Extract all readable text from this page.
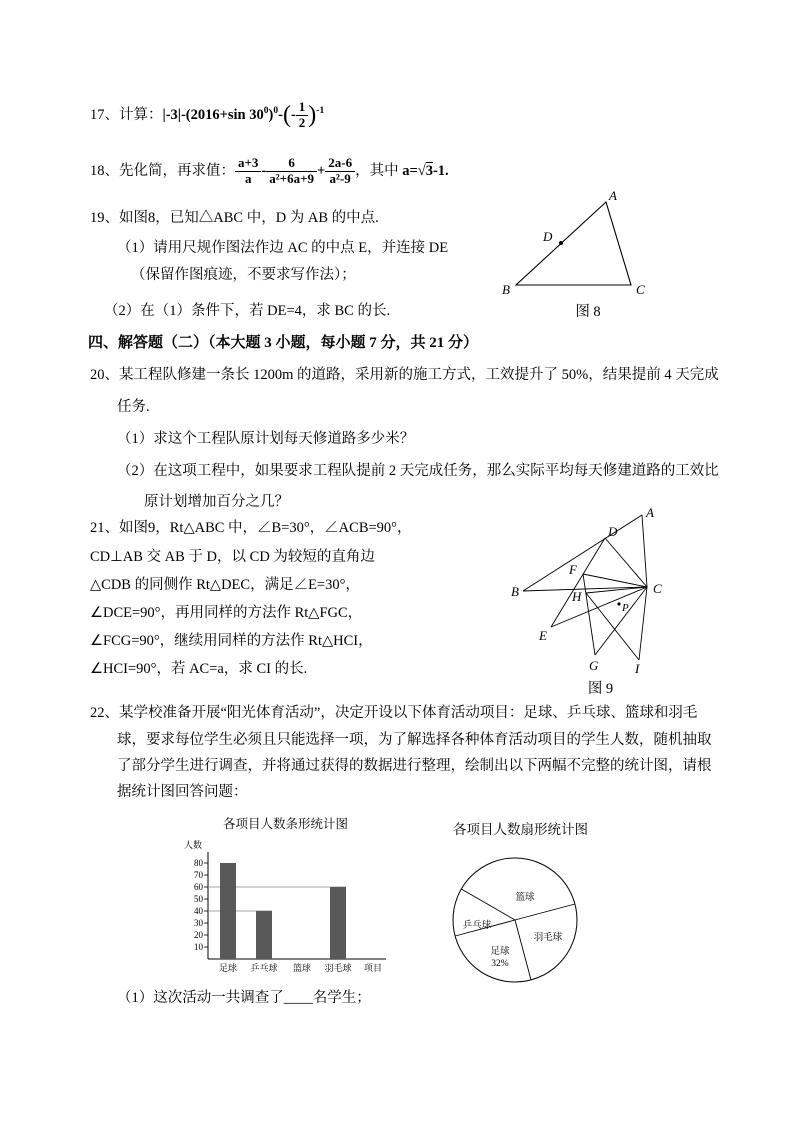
17、计算：|-3|-(2016+sin $30^0)^0-(- \frac{1}{2} )^{-1}$
18、先化简，再求值： $\frac{a+3}{a} - \frac{6}{\text{a²+6a+9}} + \frac{2a-6}{\text{a²-9}}$ ，其中 a=√3-1.
19、如图8，已知△ABC 中，D 为 AB 的中点.
（1）请用尺规作图法作边 AC 的中点 E，并连接 DE
（保留作图痕迹，不要求写作法）；
（2）在（1）条件下，若 DE=4，求 BC 的长.
A
B	C
D
图 8
四、解答题（二）（本大题 3 小题，每小题 7 分，共 21 分）
20、某工程队修建一条长 1200m 的道路，采用新的施工方式，工效提升了 50%，结果提前 4 天完成
任务.
（1）求这个工程队原计划每天修道路多少米？
（2）在这项工程中，如果要求工程队提前 2 天完成任务，那么实际平均每天修建道路的工效比
原计划增加百分之几？
21、如图9，Rt△ABC 中，∠B=30°，∠ACB=90°，
CD⊥AB 交 AB 于 D，以 CD 为较短的直角边
△CDB 的同侧作 Rt△DEC，满足∠E=30°，
∠DCE=90°，再用同样的方法作 Rt△FGC，
∠FCG=90°，继续用同样的方法作 Rt△HCI，
∠HCI=90°，若 AC=a，求 CI 的长.
A
D
F
B
E
H
C
P
G	I
图 9
22、某学校准备开展“阳光体育活动”，决定开设以下体育活动项目：足球、乒乓球、篮球和羽毛
球，要求每位学生必须且只能选择一项，为了解选择各种体育活动项目的学生人数，随机抽取
了部分学生进行调查，并将通过获得的数据进行整理，绘制出以下两幅不完整的统计图，请根
据统计图回答问题：
各项目人数条形统计图
人数
10
20
30
40
50
60
70
80
足球 乒乓球 篮球 羽毛球 项目
各项目人数扇形统计图
篮球
羽毛球
乒乓球
足球
32%
（1）这次活动一共调查了____名学生；
